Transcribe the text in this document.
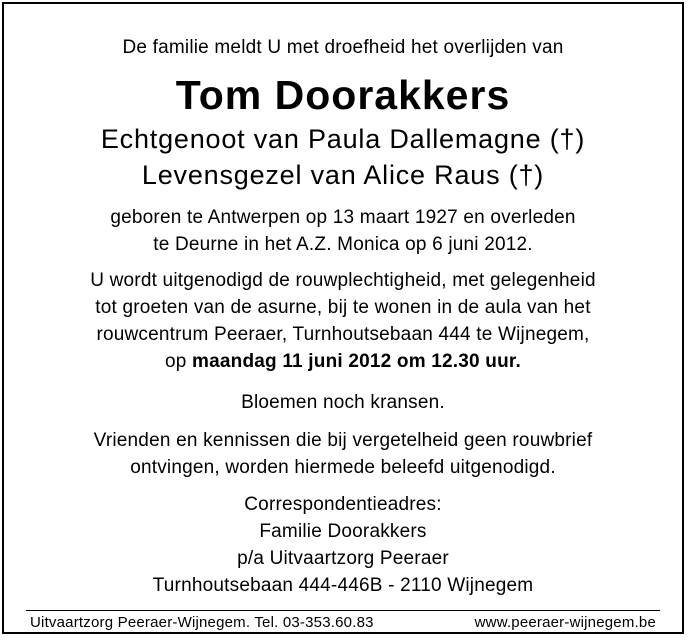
De familie meldt U met droefheid het overlijden van
Tom Doorakkers
Echtgenoot van Paula Dallemagne (†)
Levensgezel van Alice Raus (†)
geboren te Antwerpen op 13 maart 1927 en overleden
te Deurne in het A.Z. Monica op 6 juni 2012.
U wordt uitgenodigd de rouwplechtigheid, met gelegenheid
tot groeten van de asurne, bij te wonen in de aula van het
rouwcentrum Peeraer, Turnhoutsebaan 444 te Wijnegem,
op maandag 11 juni 2012 om 12.30 uur.
Bloemen noch kransen.
Vrienden en kennissen die bij vergetelheid geen rouwbrief
ontvingen, worden hiermede beleefd uitgenodigd.
Correspondentieadres:
Familie Doorakkers
p/a Uitvaartzorg Peeraer
Turnhoutsebaan 444-446B - 2110 Wijnegem
Uitvaartzorg Peeraer-Wijnegem. Tel. 03-353.60.83	www.peeraer-wijnegem.be
